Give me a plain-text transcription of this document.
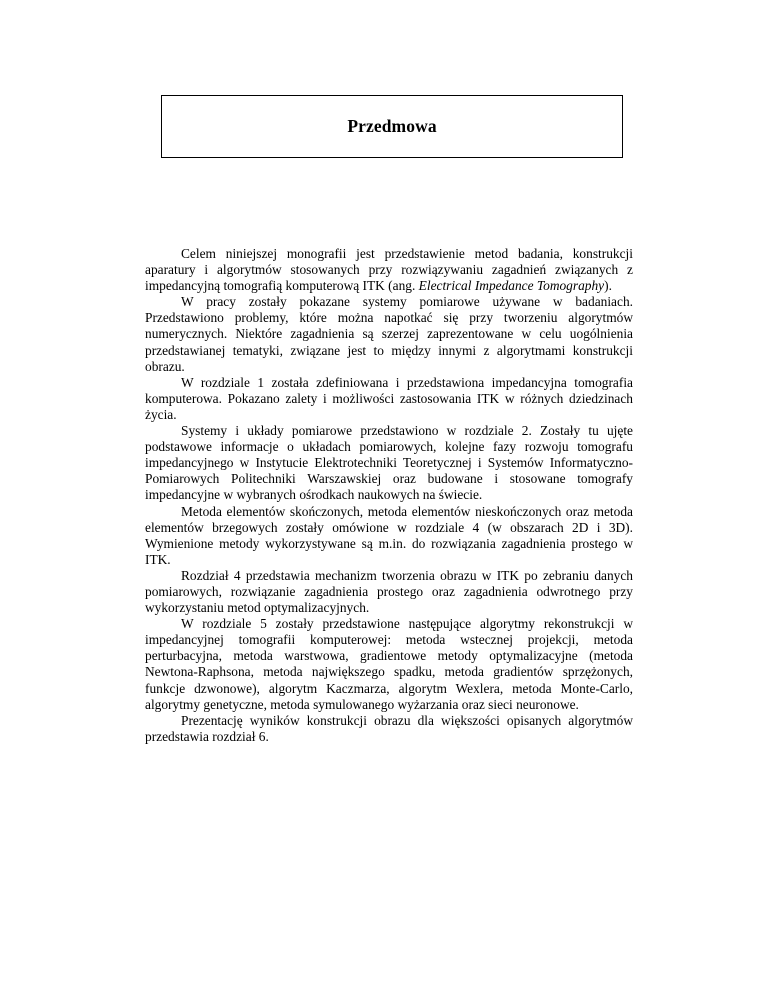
Przedmowa

Celem niniejszej monografii jest przedstawienie metod badania, konstrukcji aparatury i algorytmów stosowanych przy rozwiązywaniu zagadnień związanych z impedancyjną tomografią komputerową ITK (ang. Electrical Impedance Tomography).

W pracy zostały pokazane systemy pomiarowe używane w badaniach. Przedstawiono problemy, które można napotkać się przy tworzeniu algorytmów numerycznych. Niektóre zagadnienia są szerzej zaprezentowane w celu uogólnienia przedstawianej tematyki, związane jest to między innymi z algorytmami konstrukcji obrazu.

W rozdziale 1 została zdefiniowana i przedstawiona impedancyjna tomografia komputerowa. Pokazano zalety i możliwości zastosowania ITK w różnych dziedzinach życia.

Systemy i układy pomiarowe przedstawiono w rozdziale 2. Zostały tu ujęte podstawowe informacje o układach pomiarowych, kolejne fazy rozwoju tomografu impedancyjnego w Instytucie Elektrotechniki Teoretycznej i Systemów Informatyczno-Pomiarowych Politechniki Warszawskiej oraz budowane i stosowane tomografy impedancyjne w wybranych ośrodkach naukowych na świecie.

Metoda elementów skończonych, metoda elementów nieskończonych oraz metoda elementów brzegowych zostały omówione w rozdziale 4 (w obszarach 2D i 3D). Wymienione metody wykorzystywane są m.in. do rozwiązania zagadnienia prostego w ITK.

Rozdział 4 przedstawia mechanizm tworzenia obrazu w ITK po zebraniu danych pomiarowych, rozwiązanie zagadnienia prostego oraz zagadnienia odwrotnego przy wykorzystaniu metod optymalizacyjnych.

W rozdziale 5 zostały przedstawione następujące algorytmy rekonstrukcji w impedancyjnej tomografii komputerowej: metoda wstecznej projekcji, metoda perturbacyjna, metoda warstwowa, gradientowe metody optymalizacyjne (metoda Newtona-Raphsona, metoda największego spadku, metoda gradientów sprzężonych, funkcje dzwonowe), algorytm Kaczmarza, algorytm Wexlera, metoda Monte-Carlo, algorytmy genetyczne, metoda symulowanego wyżarzania oraz sieci neuronowe.

Prezentację wyników konstrukcji obrazu dla większości opisanych algorytmów przedstawia rozdział 6.
